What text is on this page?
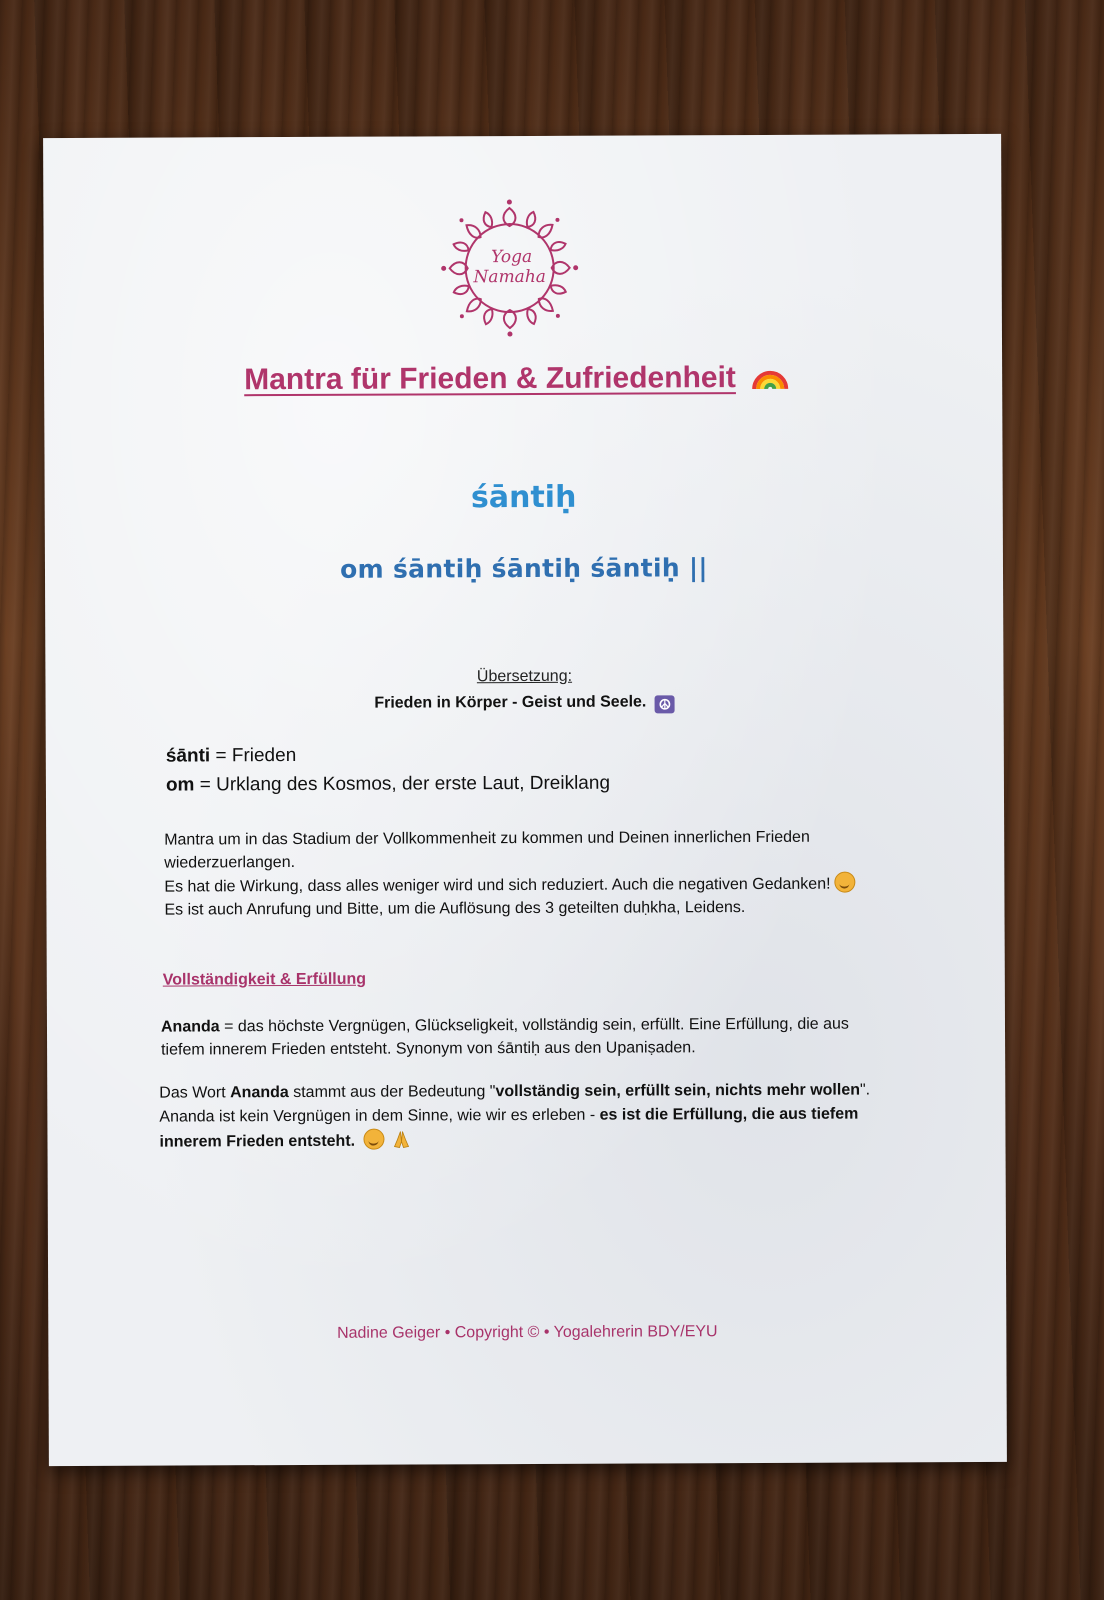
Yoga
Namaha
Mantra für Frieden & Zufriedenheit
śāntiḥ
om śāntiḥ śāntiḥ śāntiḥ ||
Übersetzung:
Frieden in Körper - Geist und Seele. ☮
śānti = Frieden
om = Urklang des Kosmos, der erste Laut, Dreiklang
Mantra um in das Stadium der Vollkommenheit zu kommen und Deinen innerlichen Frieden wiederzuerlangen.
Es hat die Wirkung, dass alles weniger wird und sich reduziert. Auch die negativen Gedanken!
Es ist auch Anrufung und Bitte, um die Auflösung des 3 geteilten duḥkha, Leidens.
Vollständigkeit & Erfüllung
Ananda = das höchste Vergnügen, Glückseligkeit, vollständig sein, erfüllt. Eine Erfüllung, die aus tiefem innerem Frieden entsteht. Synonym von śāntiḥ aus den Upaniṣaden.
Das Wort Ananda stammt aus der Bedeutung "vollständig sein, erfüllt sein, nichts mehr wollen". Ananda ist kein Vergnügen in dem Sinne, wie wir es erleben - es ist die Erfüllung, die aus tiefem innerem Frieden entsteht.
Nadine Geiger • Copyright © • Yogalehrerin BDY/EYU
